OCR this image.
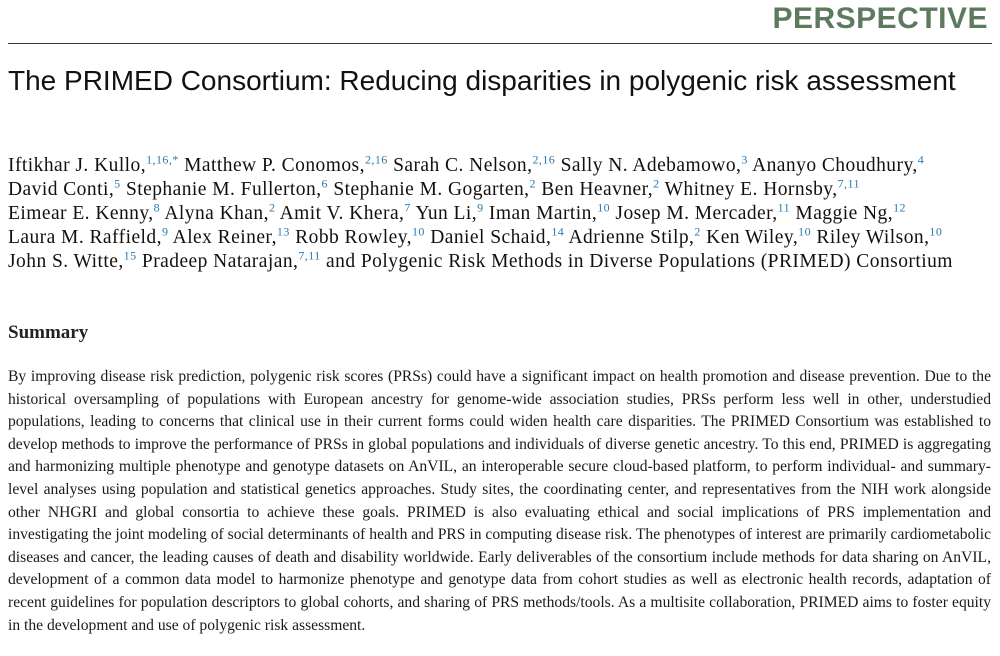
PERSPECTIVE
The PRIMED Consortium: Reducing disparities in polygenic risk assessment
Iftikhar J. Kullo,$^{1,16,*}$ Matthew P. Conomos,$^{2,16}$ Sarah C. Nelson,$^{2,16}$ Sally N. Adebamowo,$^3$ Ananyo Choudhury,$^4$ David Conti,$^5$ Stephanie M. Fullerton,$^6$ Stephanie M. Gogarten,$^2$ Ben Heavner,$^2$ Whitney E. Hornsby,$^{7,11}$ Eimear E. Kenny,$^8$ Alyna Khan,$^2$ Amit V. Khera,$^7$ Yun Li,$^9$ Iman Martin,$^{10}$ Josep M. Mercader,$^{11}$ Maggie Ng,$^{12}$ Laura M. Raffield,$^9$ Alex Reiner,$^{13}$ Robb Rowley,$^{10}$ Daniel Schaid,$^{14}$ Adrienne Stilp,$^2$ Ken Wiley,$^{10}$ Riley Wilson,$^{10}$ John S. Witte,$^{15}$ Pradeep Natarajan,$^{7,11}$ and Polygenic Risk Methods in Diverse Populations (PRIMED) Consortium
Summary

By improving disease risk prediction, polygenic risk scores (PRSs) could have a significant impact on health promotion and disease prevention. Due to the historical oversampling of populations with European ancestry for genome-wide association studies, PRSs perform less well in other, understudied populations, leading to concerns that clinical use in their current forms could widen health care disparities. The PRIMED Consortium was established to develop methods to improve the performance of PRSs in global populations and individuals of diverse genetic ancestry. To this end, PRIMED is aggregating and harmonizing multiple phenotype and genotype datasets on AnVIL, an interoperable secure cloud-based platform, to perform individual- and summary-level analyses using population and statistical genetics approaches. Study sites, the coordinating center, and representatives from the NIH work alongside other NHGRI and global consortia to achieve these goals. PRIMED is also evaluating ethical and social implications of PRS implementation and investigating the joint modeling of social determinants of health and PRS in computing disease risk. The phenotypes of interest are primarily cardiometabolic diseases and cancer, the leading causes of death and disability worldwide. Early deliverables of the consortium include methods for data sharing on AnVIL, development of a common data model to harmonize phenotype and genotype data from cohort studies as well as electronic health records, adaptation of recent guidelines for population descriptors to global cohorts, and sharing of PRS methods/tools. As a multisite collaboration, PRIMED aims to foster equity in the development and use of polygenic risk assessment.
